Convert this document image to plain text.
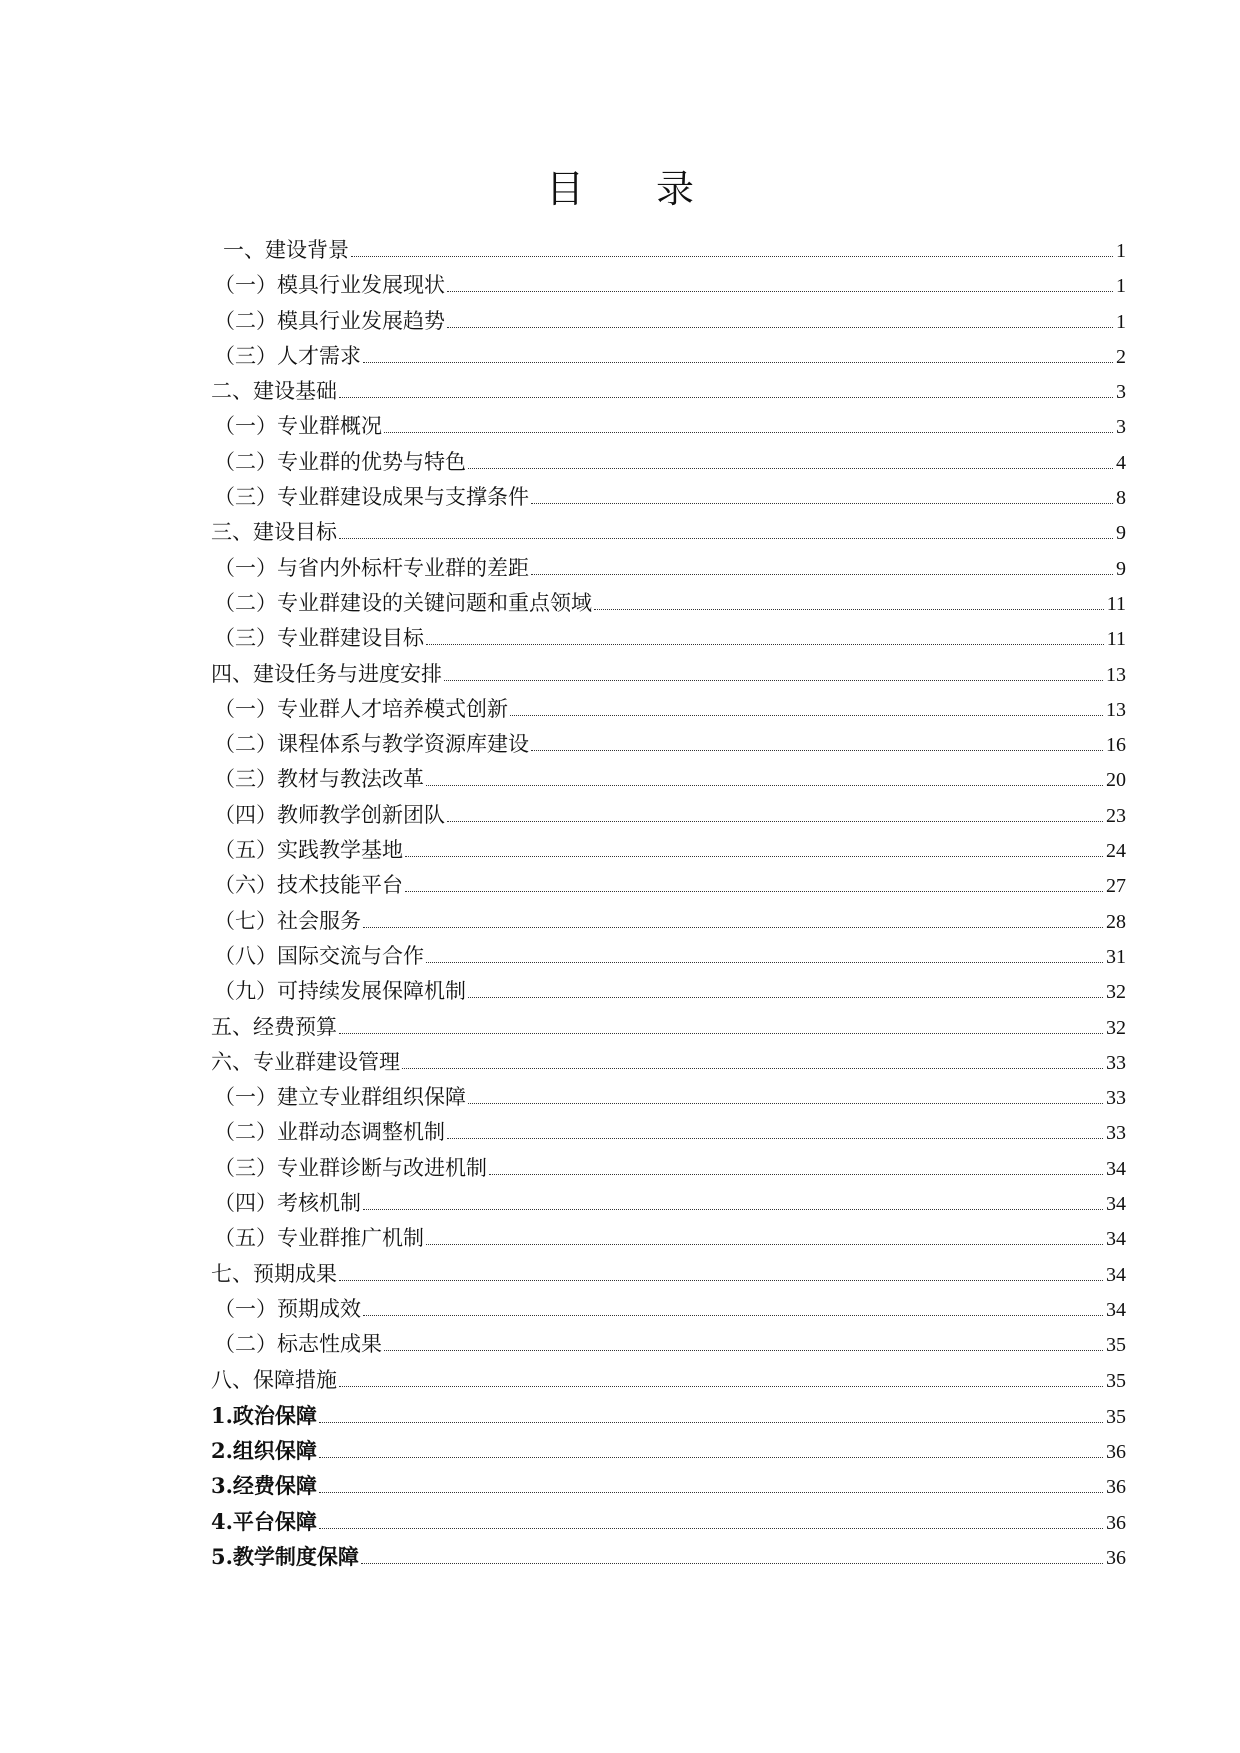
目 录
一、建设背景	1
（一）模具行业发展现状	1
（二）模具行业发展趋势	1
（三）人才需求	2
二、建设基础	3
（一）专业群概况	3
（二）专业群的优势与特色	4
（三）专业群建设成果与支撑条件	8
三、建设目标	9
（一）与省内外标杆专业群的差距	9
（二）专业群建设的关键问题和重点领域	11
（三）专业群建设目标	11
四、建设任务与进度安排	13
（一）专业群人才培养模式创新	13
（二）课程体系与教学资源库建设	16
（三）教材与教法改革	20
（四）教师教学创新团队	23
（五）实践教学基地	24
（六）技术技能平台	27
（七）社会服务	28
（八）国际交流与合作	31
（九）可持续发展保障机制	32
五、经费预算	32
六、专业群建设管理	33
（一）建立专业群组织保障	33
（二）业群动态调整机制	33
（三）专业群诊断与改进机制	34
（四）考核机制	34
（五）专业群推广机制	34
七、预期成果	34
（一）预期成效	34
（二）标志性成果	35
八、保障措施	35
1.政治保障	35
2.组织保障	36
3.经费保障	36
4.平台保障	36
5.教学制度保障	36
